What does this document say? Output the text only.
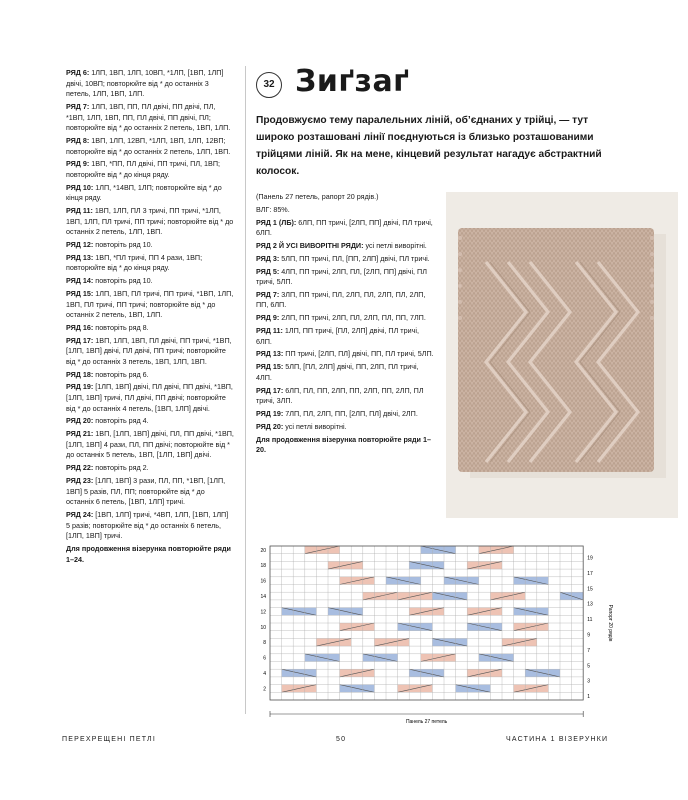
РЯД 6: 1ЛП, 1ВП, 1ЛП, 10ВП, *1ЛП, [1ВП, 1ЛП] двічі, 10ВП; повторюйте від * до останніх 3 петель, 1ЛП, 1ВП, 1ЛП.

РЯД 7: 1ЛП, 1ВП, ПП, ПЛ двічі, ПП двічі, ПЛ, *1ВП, 1ЛП, 1ВП, ПП, ПЛ двічі, ПП двічі, ПЛ; повторюйте від * до останніх 2 петель, 1ВП, 1ЛП.

РЯД 8: 1ВП, 1ЛП, 12ВП, *1ЛП, 1ВП, 1ЛП, 12ВП; повторюйте від * до останніх 2 петель, 1ЛП, 1ВП.

РЯД 9: 1ВП, *ПП, ПЛ двічі, ПП тричі, ПЛ, 1ВП; повторюйте від * до кінця ряду.

РЯД 10: 1ЛП, *14ВП, 1ЛП; повторюйте від * до кінця ряду.

РЯД 11: 1ВП, 1ЛП, ПЛ 3 тричі, ПП тричі, *1ЛП, 1ВП, 1ЛП, ПЛ тричі, ПП тричі; повторюйте від * до останніх 2 петель, 1ЛП, 1ВП.

РЯД 12: повторіть ряд 10.

РЯД 13: 1ВП, *ПЛ тричі, ПП 4 рази, 1ВП; повторюйте від * до кінця ряду.

РЯД 14: повторіть ряд 10.

РЯД 15: 1ЛП, 1ВП, ПЛ тричі, ПП тричі, *1ВП, 1ЛП, 1ВП, ПЛ тричі, ПП тричі; повторюйте від * до останніх 2 петель, 1ВП, 1ЛП.

РЯД 16: повторіть ряд 8.

РЯД 17: 1ВП, 1ЛП, 1ВП, ПЛ двічі, ПП тричі, *1ВП, [1ЛП, 1ВП] двічі, ПЛ двічі, ПП тричі; повторюйте від * до останніх 3 петель, 1ВП, 1ЛП, 1ВП.

РЯД 18: повторіть ряд 6.

РЯД 19: [1ЛП, 1ВП] двічі, ПЛ двічі, ПП двічі, *1ВП, [1ЛП, 1ВП] тричі, ПЛ двічі, ПП двічі; повторюйте від * до останніх 4 петель, [1ВП, 1ЛП] двічі.

РЯД 20: повторіть ряд 4.

РЯД 21: 1ВП, [1ЛП, 1ВП] двічі, ПЛ, ПП двічі, *1ВП, [1ЛП, 1ВП] 4 рази, ПЛ, ПП двічі; повторюйте від * до останніх 5 петель, 1ВП, [1ЛП, 1ВП] двічі.

РЯД 22: повторіть ряд 2.

РЯД 23: [1ЛП, 1ВП] 3 рази, ПЛ, ПП, *1ВП, [1ЛП, 1ВП] 5 разів, ПЛ, ПП; повторюйте від * до останніх 6 петель, [1ВП, 1ЛП] тричі.

РЯД 24: [1ВП, 1ЛП] тричі, *4ВП, 1ЛП, [1ВП, 1ЛП] 5 разів; повторюйте від * до останніх 6 петель, [1ЛП, 1ВП] тричі.

Для продовження візерунка повторюйте ряди 1–24.

32 Зиґзаґ
Продовжуємо тему паралельних ліній, об’єднаних у трійці, — тут широко розташовані лінії поєднуються із близько розташованими трійцями ліній. Як на мене, кінцевий результат нагадує абстрактний колосок.

(Панель 27 петель, рапорт 20 рядів.)

ВЛГ: 85%.

РЯД 1 (ЛБ): 6ЛП, ПП тричі, [2ЛП, ПП] двічі, ПЛ тричі, 6ЛП.

РЯД 2 Й УСІ ВИВОРІТНІ РЯДИ: усі петлі виворітні.

РЯД 3: 5ЛП, ПП тричі, ПЛ, [ПП, 2ЛП] двічі, ПЛ тричі.

РЯД 5: 4ЛП, ПП тричі, 2ЛП, ПЛ, [2ЛП, ПП] двічі, ПЛ тричі, 5ЛП.

РЯД 7: 3ЛП, ПП тричі, ПЛ, 2ЛП, ПЛ, 2ЛП, ПЛ, 2ЛП, ПП, 6ЛП.

РЯД 9: 2ЛП, ПП тричі, 2ЛП, ПЛ, 2ЛП, ПЛ, ПП, 7ЛП.

РЯД 11: 1ЛП, ПП тричі, [ПЛ, 2ЛП] двічі, ПЛ тричі, 6ЛП.

РЯД 13: ПП тричі, [2ЛП, ПЛ] двічі, ПП, ПЛ тричі, 5ЛП.

РЯД 15: 5ЛП, [ПЛ, 2ЛП] двічі, ПП, 2ЛП, ПЛ тричі, 4ЛП.

РЯД 17: 6ЛП, ПЛ, ПП, 2ЛП, ПП, 2ЛП, ПП, 2ЛП, ПЛ тричі, 3ЛП.

РЯД 19: 7ЛП, ПЛ, 2ЛП, ПП, [2ЛП, ПЛ] двічі, 2ЛП.

РЯД 20: усі петлі виворітні.

Для продовження візерунка повторюйте ряди 1–20.

20
18
16
14
12
10
8
6
4
2
19
17
15
13
11
9
7
5
3
1
Рапорт 20 рядів
Панель 27 петель
ПЕРЕХРЕЩЕНІ ПЕТЛІ	50	ЧАСТИНА 1 ВІЗЕРУНКИ
